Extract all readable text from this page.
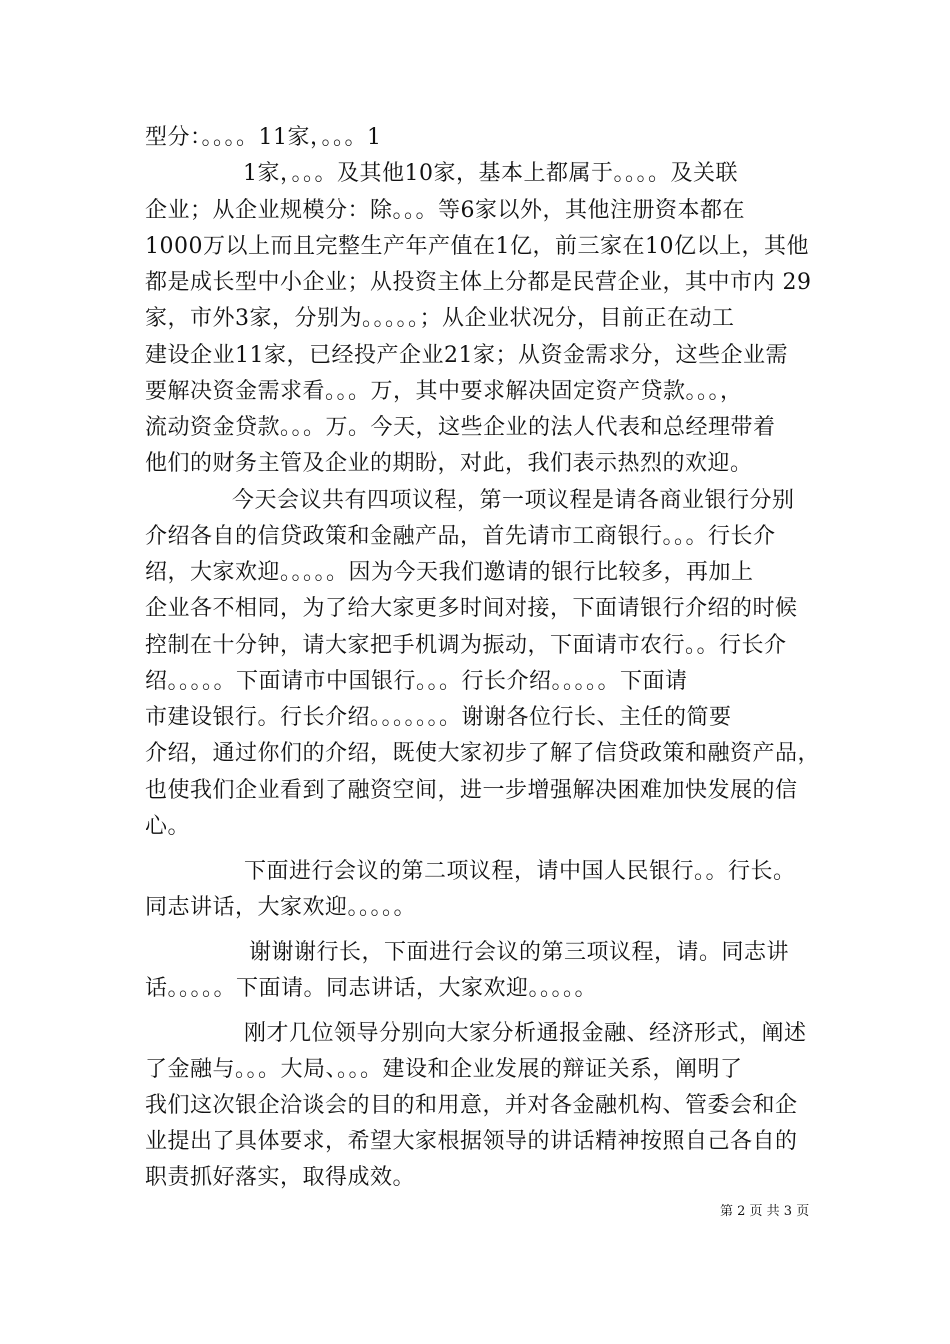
型分：。。。。11家，。。。1
1家，。。。及其他10家，基本上都属于。。。。及关联
企业；从企业规模分：除。。。等6家以外，其他注册资本都在
1000万以上而且完整生产年产值在1亿，前三家在10亿以上，其他
都是成长型中小企业；从投资主体上分都是民营企业，其中市内 29
家，市外3家，分别为。。。。。；从企业状况分，目前正在动工
建设企业11家，已经投产企业21家；从资金需求分，这些企业需
要解决资金需求看。。。万，其中要求解决固定资产贷款。。。，
流动资金贷款。。。万。今天，这些企业的法人代表和总经理带着
他们的财务主管及企业的期盼，对此，我们表示热烈的欢迎。
今天会议共有四项议程，第一项议程是请各商业银行分别
介绍各自的信贷政策和金融产品，首先请市工商银行。。。行长介
绍，大家欢迎。。。。。因为今天我们邀请的银行比较多，再加上
企业各不相同，为了给大家更多时间对接，下面请银行介绍的时候
控制在十分钟，请大家把手机调为振动，下面请市农行。。行长介
绍。。。。。下面请市中国银行。。。行长介绍。。。。。下面请
市建设银行。行长介绍。。。。。。。谢谢各位行长、主任的简要
介绍，通过你们的介绍，既使大家初步了解了信贷政策和融资产品，
也使我们企业看到了融资空间，进一步增强解决困难加快发展的信
心。
下面进行会议的第二项议程，请中国人民银行。。行长。
同志讲话，大家欢迎。。。。。
谢谢谢行长，下面进行会议的第三项议程，请。同志讲
话。。。。。下面请。同志讲话，大家欢迎。。。。。
刚才几位领导分别向大家分析通报金融、经济形式，阐述
了金融与。。。大局、。。。建设和企业发展的辩证关系，阐明了
我们这次银企洽谈会的目的和用意，并对各金融机构、管委会和企
业提出了具体要求，希望大家根据领导的讲话精神按照自己各自的
职责抓好落实，取得成效。
第 2 页 共 3 页
